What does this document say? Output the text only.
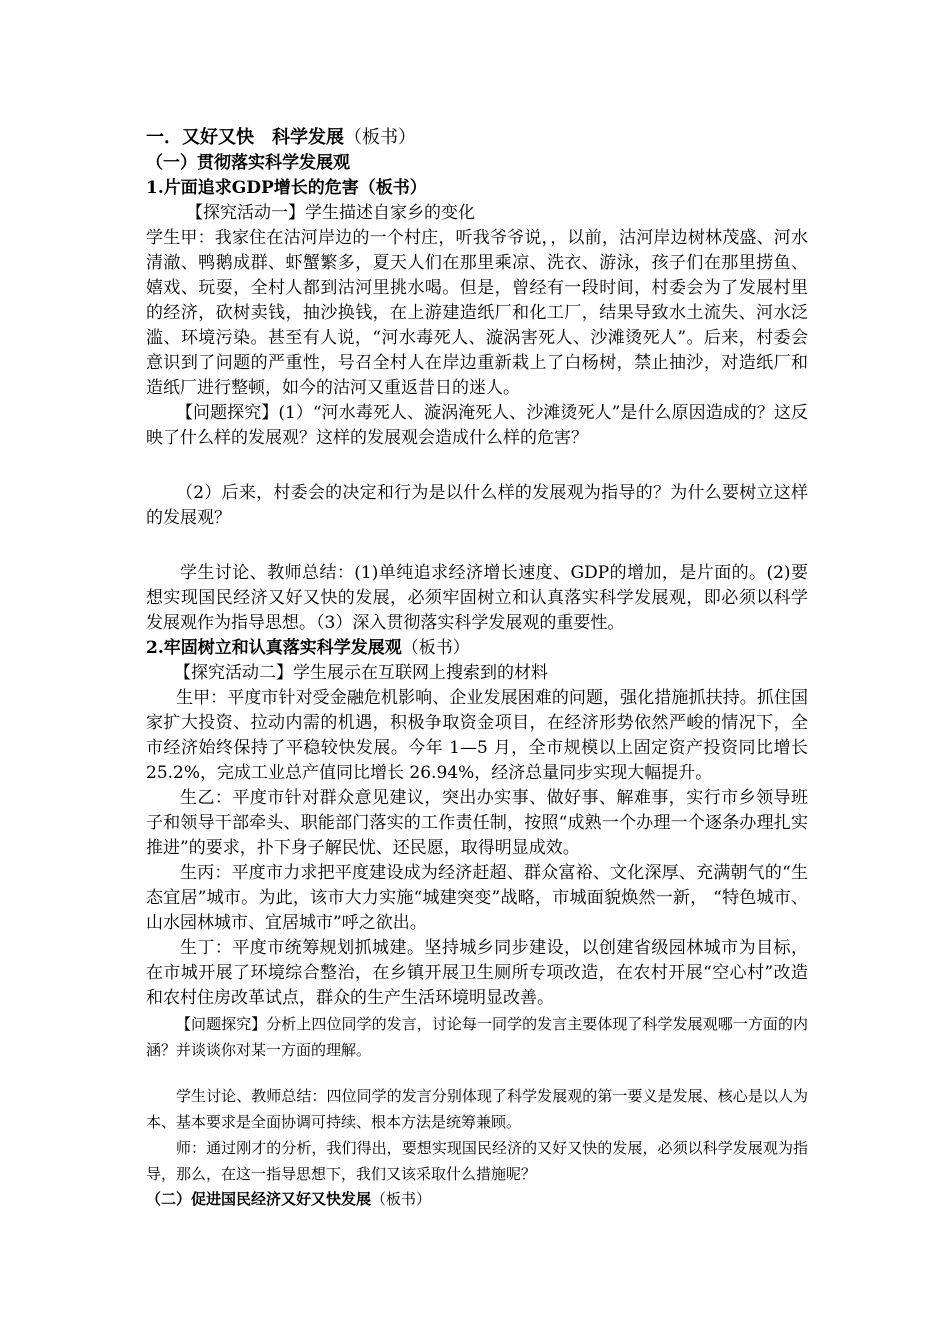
一．又好又快　科学发展（板书）
（一）贯彻落实科学发展观
1.片面追求GDP增长的危害（板书）
【探究活动一】学生描述自家乡的变化

学生甲：我家住在沽河岸边的一个村庄，听我爷爷说，，以前，沽河岸边树林茂盛、河水清澈、鸭鹅成群、虾蟹繁多，夏天人们在那里乘凉、洗衣、游泳，孩子们在那里捞鱼、嬉戏、玩耍，全村人都到沽河里挑水喝。但是，曾经有一段时间，村委会为了发展村里的经济，砍树卖钱，抽沙换钱，在上游建造纸厂和化工厂，结果导致水土流失、河水泛滥、环境污染。甚至有人说，“河水毒死人、漩涡害死人、沙滩烫死人”。后来，村委会意识到了问题的严重性，号召全村人在岸边重新栽上了白杨树，禁止抽沙，对造纸厂和造纸厂进行整顿，如今的沽河又重返昔日的迷人。

【问题探究】(1）“河水毒死人、漩涡淹死人、沙滩烫死人”是什么原因造成的？这反映了什么样的发展观？这样的发展观会造成什么样的危害？

（2）后来，村委会的决定和行为是以什么样的发展观为指导的？为什么要树立这样的发展观？

学生讨论、教师总结：(1)单纯追求经济增长速度、GDP的增加，是片面的。(2)要想实现国民经济又好又快的发展，必须牢固树立和认真落实科学发展观，即必须以科学发展观作为指导思想。（3）深入贯彻落实科学发展观的重要性。

2.牢固树立和认真落实科学发展观（板书）
【探究活动二】学生展示在互联网上搜索到的材料

生甲：平度市针对受金融危机影响、企业发展困难的问题，强化措施抓扶持。抓住国家扩大投资、拉动内需的机遇，积极争取资金项目，在经济形势依然严峻的情况下，全市经济始终保持了平稳较快发展。今年 1—5 月，全市规模以上固定资产投资同比增长 25.2%，完成工业总产值同比增长 26.94%，经济总量同步实现大幅提升。

生乙：平度市针对群众意见建议，突出办实事、做好事、解难事，实行市乡领导班子和领导干部牵头、职能部门落实的工作责任制，按照“成熟一个办理一个逐条办理扎实推进”的要求，扑下身子解民忧、还民愿，取得明显成效。

生丙：平度市力求把平度建设成为经济赶超、群众富裕、文化深厚、充满朝气的“生态宜居”城市。为此，该市大力实施“城建突变”战略，市城面貌焕然一新， “特色城市、山水园林城市、宜居城市”呼之欲出。

生丁：平度市统筹规划抓城建。坚持城乡同步建设，以创建省级园林城市为目标，在市城开展了环境综合整治，在乡镇开展卫生厕所专项改造，在农村开展“空心村”改造和农村住房改革试点，群众的生产生活环境明显改善。

【问题探究】分析上四位同学的发言，讨论每一同学的发言主要体现了科学发展观哪一方面的内涵？并谈谈你对某一方面的理解。

学生讨论、教师总结：四位同学的发言分别体现了科学发展观的第一要义是发展、核心是以人为本、基本要求是全面协调可持续、根本方法是统筹兼顾。

师：通过刚才的分析，我们得出，要想实现国民经济的又好又快的发展，必须以科学发展观为指导，那么，在这一指导思想下，我们又该采取什么措施呢？

（二）促进国民经济又好又快发展（板书）
